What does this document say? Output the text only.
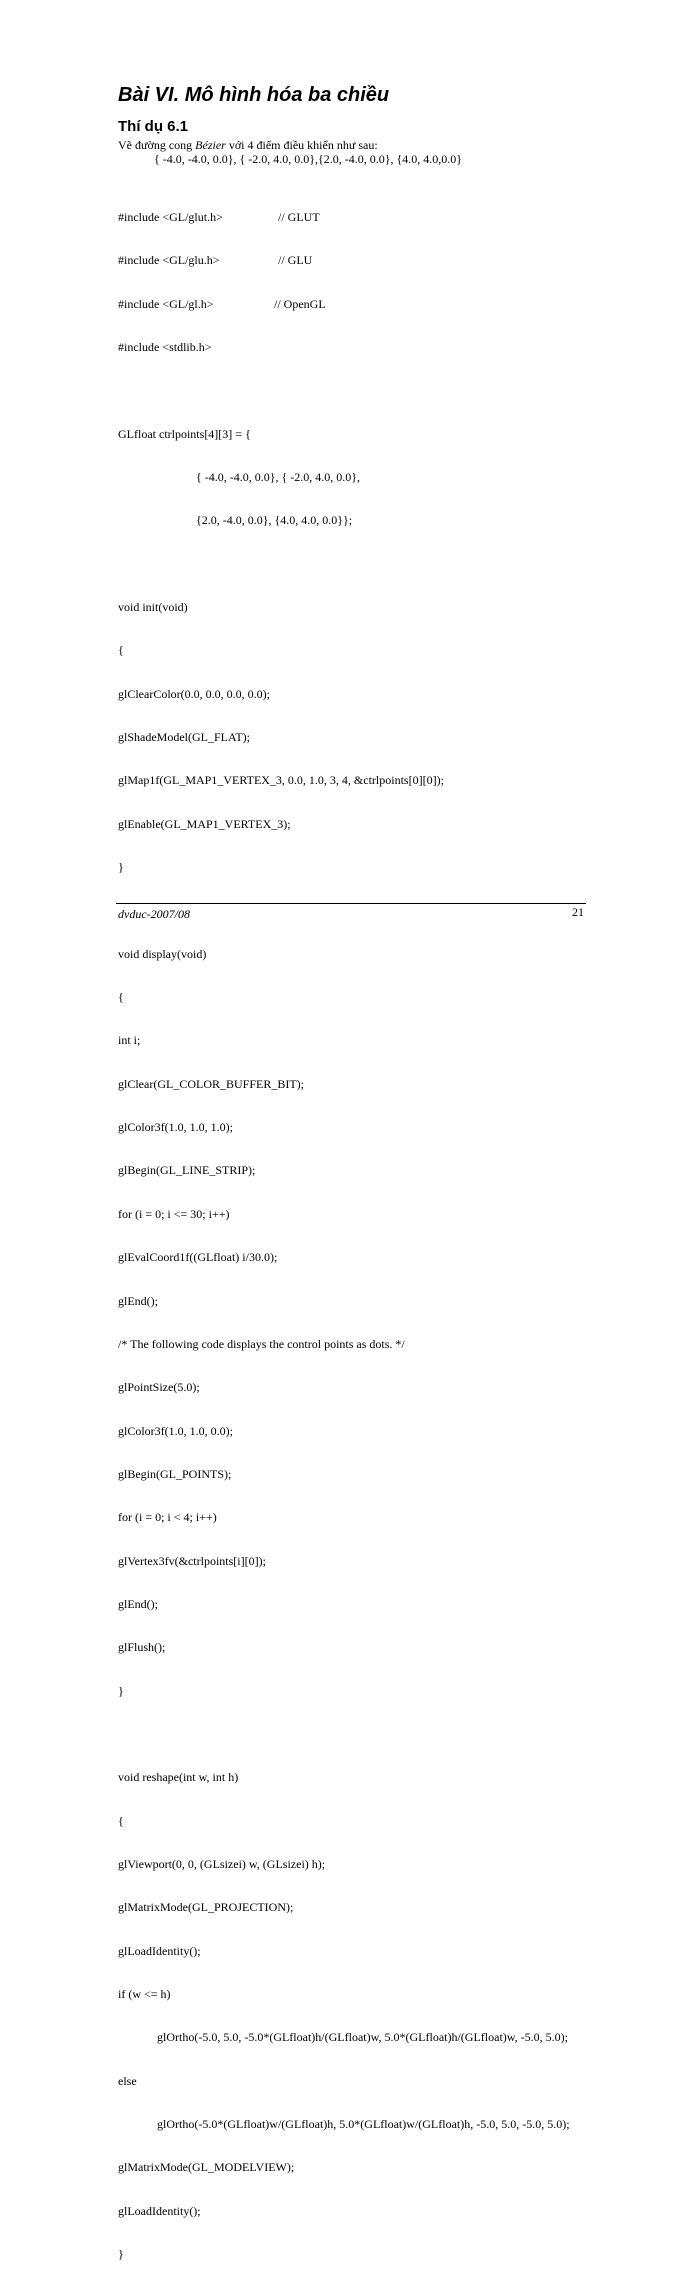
Bài VI. Mô hình hóa ba chiều
Thí dụ 6.1
Vẽ đường cong Bézier với 4 điểm điều khiển như sau:
{ -4.0, -4.0, 0.0}, { -2.0, 4.0, 0.0},{2.0, -4.0, 0.0}, {4.0, 4.0,0.0}

#include <GL/glut.h>	// GLUT

#include <GL/glu.h>	// GLU

#include <GL/gl.h>	// OpenGL

#include <stdlib.h>

GLfloat ctrlpoints[4][3] = {

{ -4.0, -4.0, 0.0}, { -2.0, 4.0, 0.0},

{2.0, -4.0, 0.0}, {4.0, 4.0, 0.0}};

void init(void)

{

glClearColor(0.0, 0.0, 0.0, 0.0);

glShadeModel(GL_FLAT);

glMap1f(GL_MAP1_VERTEX_3, 0.0, 1.0, 3, 4, &ctrlpoints[0][0]);

glEnable(GL_MAP1_VERTEX_3);

}

void display(void)

{

int i;

glClear(GL_COLOR_BUFFER_BIT);

glColor3f(1.0, 1.0, 1.0);

glBegin(GL_LINE_STRIP);

for (i = 0; i <= 30; i++)

glEvalCoord1f((GLfloat) i/30.0);

glEnd();

/* The following code displays the control points as dots. */

glPointSize(5.0);

glColor3f(1.0, 1.0, 0.0);

glBegin(GL_POINTS);

for (i = 0; i < 4; i++)

glVertex3fv(&ctrlpoints[i][0]);

glEnd();

glFlush();

}

void reshape(int w, int h)

{

glViewport(0, 0, (GLsizei) w, (GLsizei) h);

glMatrixMode(GL_PROJECTION);

glLoadIdentity();

if (w <= h)

glOrtho(-5.0, 5.0, -5.0*(GLfloat)h/(GLfloat)w, 5.0*(GLfloat)h/(GLfloat)w, -5.0, 5.0);

else

glOrtho(-5.0*(GLfloat)w/(GLfloat)h, 5.0*(GLfloat)w/(GLfloat)h, -5.0, 5.0, -5.0, 5.0);

glMatrixMode(GL_MODELVIEW);

glLoadIdentity();

}

dvduc-2007/08	21
